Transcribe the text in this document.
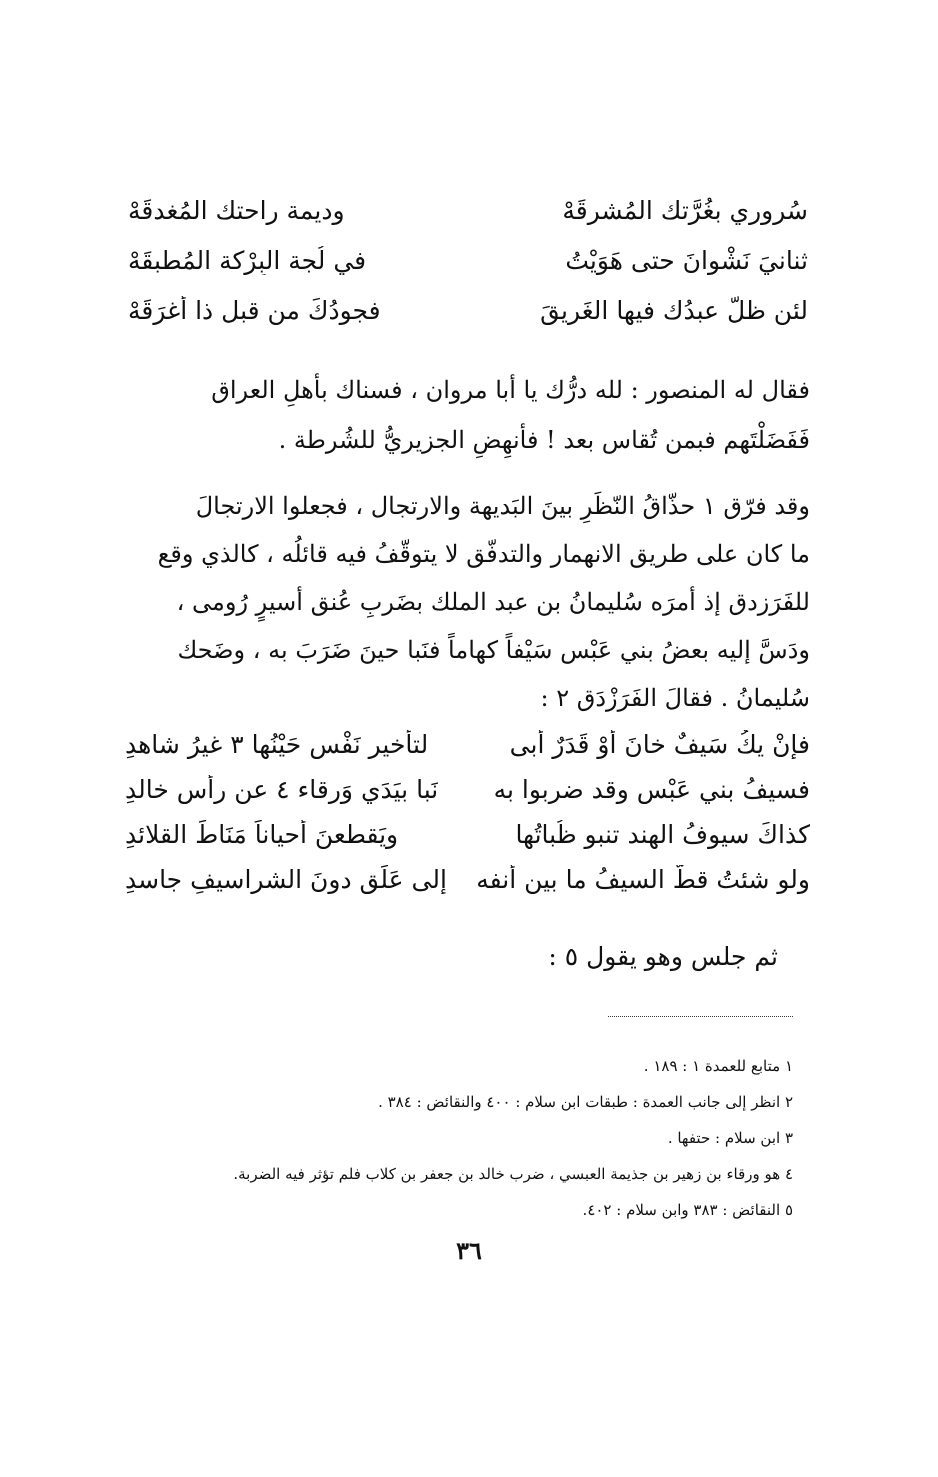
سُروري بغُرَّتك المُشرقَهْ
وديمة راحتك المُغدقَهْ
ثنانيَ نَشْوانَ حتى هَوَيْتُ
في لُجة البِرْكة المُطبقَهْ
لئن ظلَّ عبدُك فيها الغَريقَ
فجودُكَ من قبلِ ذا أغرَقَهْ
فقال له المنصور : لله درُّك يا أبا مروان ، فسناك بأهلِ العراق
فَفَضَلْتَهم فبمن تُقاس بعد ! فأنهِضِ الجزيريُّ للشُرطة .
وقد فرّق ١ حذّاقُ النّظَرِ بينَ البَديهة والارتجال ، فجعلوا الارتجالَ
ما كان على طريق الانهمار والتدفّق لا يتوقّفُ فيه قائلُه ، كالذي وقع
للفَرَزدق إذ أمرَه سُليمانُ بن عبد الملك بضَربِ عُنق أسيرٍ رُومى ،
ودَسَّ إليه بعضُ بني عَبْس سَيْفاً كهاماً فنَبا حينَ ضَرَبَ به ، وضَحك
سُليمانُ . فقالَ الفَرَزْدَق ٢ :
فإنْ يكُ سَيفٌ خانَ أوْ قَدَرٌ أبى
لتأخيرِ نَفْسٍ حَيْنُها ٣ غيرُ شاهدِ
فسيفُ بني عَبْسٍ وقد ضربوا به
نَبا بيَدَي وَرقاء ٤ عن رأسِ خالدِ
كذاكَ سيوفُ الهند تنبو ظُباتُها
ويَقطعنَ أحياناً مَنَاطَ القلائدِ
ولو شئتُ قطَّ السيفُ ما بين أنفه
إلى عَلَقٍ دونَ الشراسيفِ جاسدِ
ثم جلس وهو يقول ٥ :
١ متابع للعمدة ١ : ١٨٩ .
٢ انظر إلى جانب العمدة : طبقات ابن سلام : ٤٠٠ والنقائض : ٣٨٤ .
٣ ابن سلام : حتفها .
٤ هو ورقاء بن زهير بن جذيمة العبسي ، ضرب خالد بن جعفر بن كلاب فلم تؤثر فيه الضربة.
٥ النقائض : ٣٨٣ وابن سلام : ٤٠٢.
٣٦
